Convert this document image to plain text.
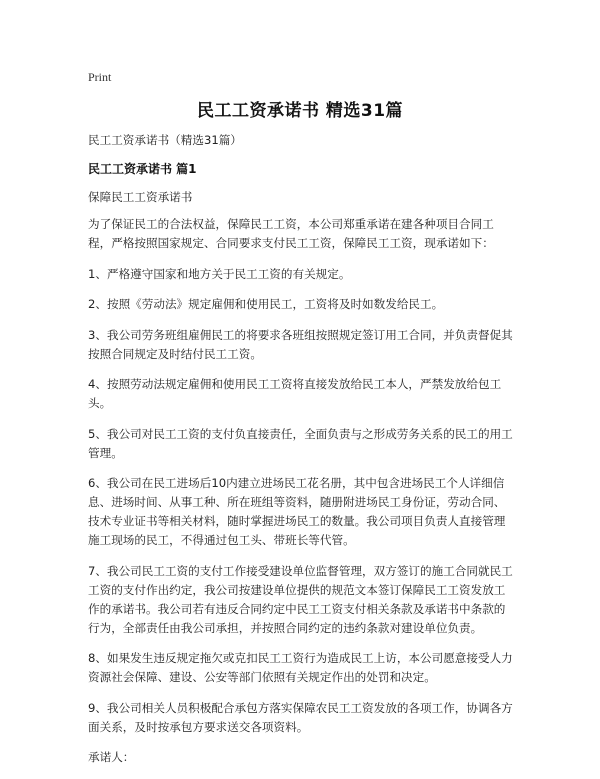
Print
民工工资承诺书 精选31篇

民工工资承诺书（精选31篇）

民工工资承诺书 篇1

保障民工工资承诺书

为了保证民工的合法权益，保障民工工资，本公司郑重承诺在建各种项目合同工程，严格按照国家规定、合同要求支付民工工资，保障民工工资，现承诺如下：

1、严格遵守国家和地方关于民工工资的有关规定。

2、按照《劳动法》规定雇佣和使用民工，工资将及时如数发给民工。

3、我公司劳务班组雇佣民工的将要求各班组按照规定签订用工合同，并负责督促其按照合同规定及时结付民工工资。

4、按照劳动法规定雇佣和使用民工工资将直接发放给民工本人，严禁发放给包工头。

5、我公司对民工工资的支付负直接责任，全面负责与之形成劳务关系的民工的用工管理。

6、我公司在民工进场后10内建立进场民工花名册，其中包含进场民工个人详细信息、进场时间、从事工种、所在班组等资料，随册附进场民工身份证，劳动合同、技术专业证书等相关材料，随时掌握进场民工的数量。我公司项目负责人直接管理施工现场的民工，不得通过包工头、带班长等代管。

7、我公司民工工资的支付工作接受建设单位监督管理，双方签订的施工合同就民工工资的支付作出约定，我公司按建设单位提供的规范文本签订保障民工工资发放工作的承诺书。我公司若有违反合同约定中民工工资支付相关条款及承诺书中条款的行为，全部责任由我公司承担，并按照合同约定的违约条款对建设单位负责。

8、如果发生违反规定拖欠或克扣民工工资行为造成民工上访，本公司愿意接受人力资源社会保障、建设、公安等部门依照有关规定作出的处罚和决定。

9、我公司相关人员积极配合承包方落实保障农民工工资发放的各项工作，协调各方面关系，及时按承包方要求送交各项资料。

承诺人：
